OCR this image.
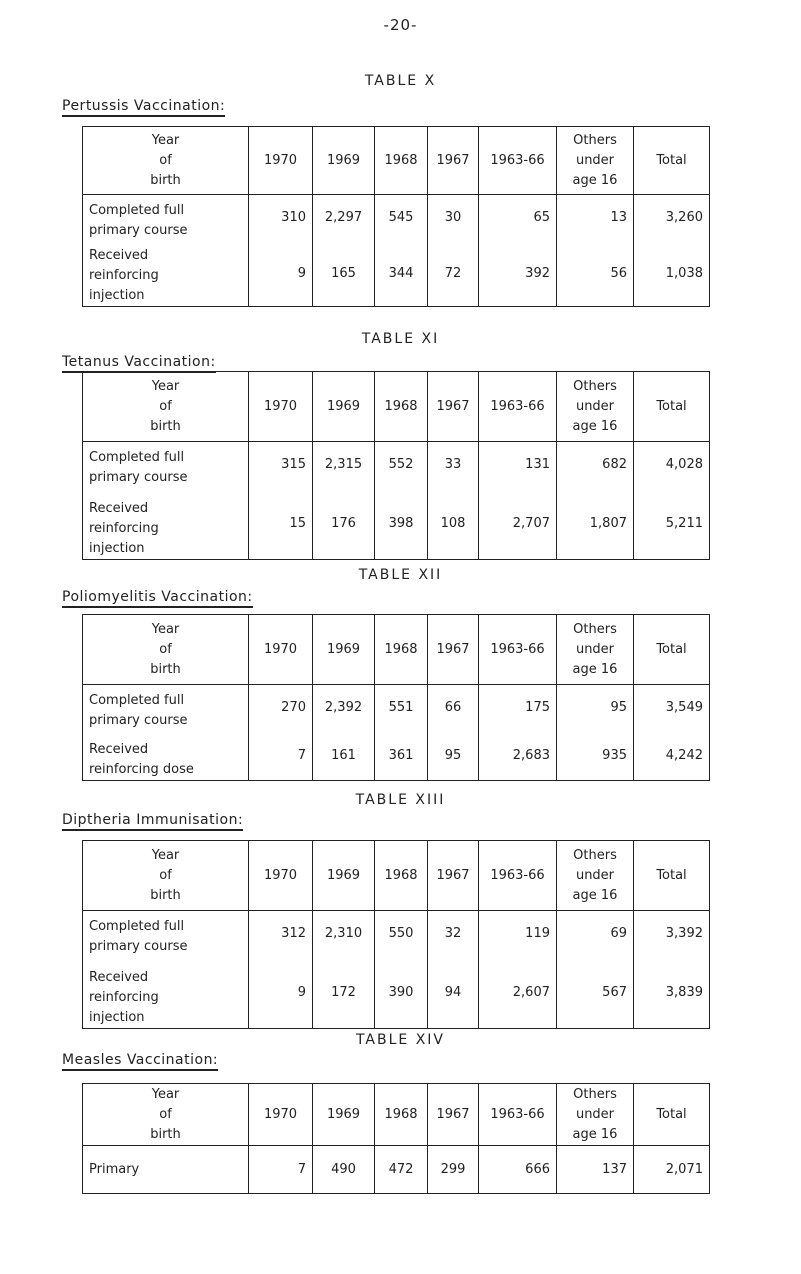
-20-
TABLE X
Pertussis Vaccination:
Year
of
birth	1970	1969	1968	1967	1963-66	Others
under
age 16	Total
Completed full
primary course	310	2,297	545	30	65	13	3,260
Received
reinforcing
injection	9	165	344	72	392	56	1,038
TABLE XI
Tetanus Vaccination:
Year
of
birth	1970	1969	1968	1967	1963-66	Others
under
age 16	Total
Completed full
primary course	315	2,315	552	33	131	682	4,028
Received
reinforcing
injection	15	176	398	108	2,707	1,807	5,211
TABLE XII
Poliomyelitis Vaccination:
Year
of
birth	1970	1969	1968	1967	1963-66	Others
under
age 16	Total
Completed full
primary course	270	2,392	551	66	175	95	3,549
Received
reinforcing dose	7	161	361	95	2,683	935	4,242
TABLE XIII
Diptheria Immunisation:
Year
of
birth	1970	1969	1968	1967	1963-66	Others
under
age 16	Total
Completed full
primary course	312	2,310	550	32	119	69	3,392
Received
reinforcing
injection	9	172	390	94	2,607	567	3,839
TABLE XIV
Measles Vaccination:
Year
of
birth	1970	1969	1968	1967	1963-66	Others
under
age 16	Total
Primary	7	490	472	299	666	137	2,071
